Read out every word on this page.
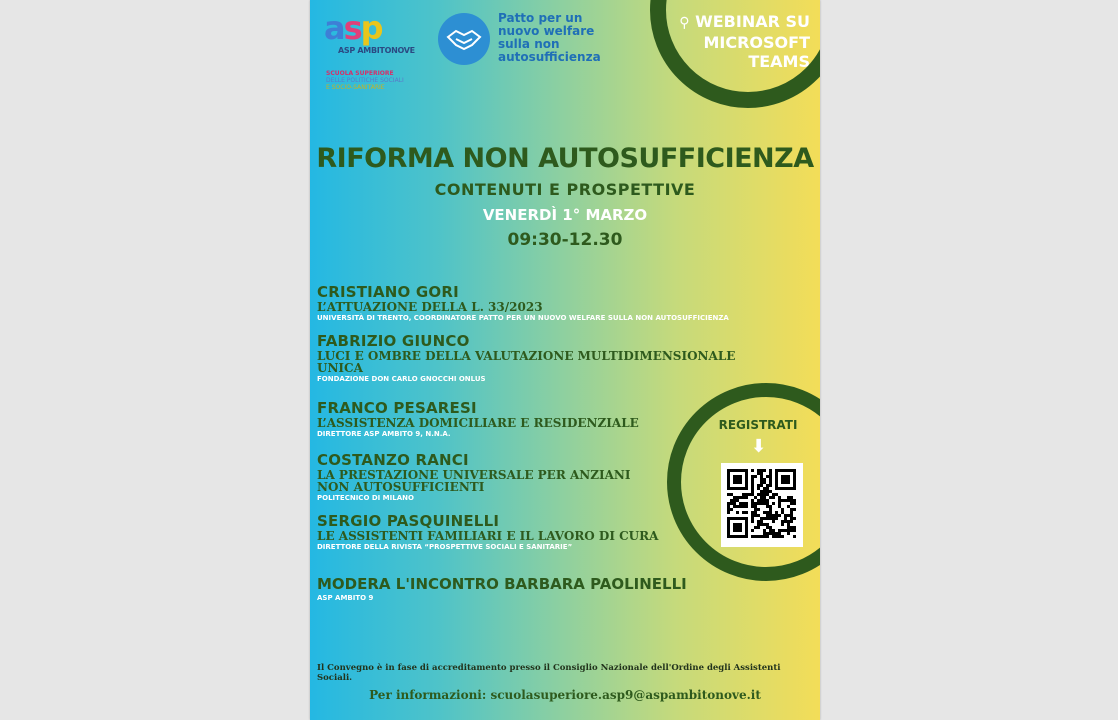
asp
ASP AMBITONOVE
SCUOLA SUPERIORE
DELLE POLITICHE SOCIALI
E SOCIO-SANITARIE
Patto per un nuovo welfare sulla non autosufficienza
⚲ WEBINAR SU MICROSOFT TEAMS
RIFORMA NON AUTOSUFFICIENZA
CONTENUTI E PROSPETTIVE
VENERDÌ 1° MARZO
09:30-12.30
CRISTIANO GORI
L’ATTUAZIONE DELLA L. 33/2023
UNIVERSITÀ DI TRENTO, COORDINATORE PATTO PER UN NUOVO WELFARE SULLA NON AUTOSUFFICIENZA
FABRIZIO GIUNCO
LUCI E OMBRE DELLA VALUTAZIONE MULTIDIMENSIONALE UNICA
FONDAZIONE DON CARLO GNOCCHI ONLUS
FRANCO PESARESI
L’ASSISTENZA DOMICILIARE E RESIDENZIALE
DIRETTORE ASP AMBITO 9, N.N.A.
COSTANZO RANCI
LA PRESTAZIONE UNIVERSALE PER ANZIANI NON AUTOSUFFICIENTI
POLITECNICO DI MILANO
SERGIO PASQUINELLI
LE ASSISTENTI FAMILIARI E IL LAVORO DI CURA
DIRETTORE DELLA RIVISTA “PROSPETTIVE SOCIALI E SANITARIE”
MODERA L'INCONTRO BARBARA PAOLINELLI
ASP AMBITO 9
REGISTRATI
⬇
Il Convegno è in fase di accreditamento presso il Consiglio Nazionale dell'Ordine degli Assistenti Sociali.
Per informazioni: scuolasuperiore.asp9@aspambitonove.it
